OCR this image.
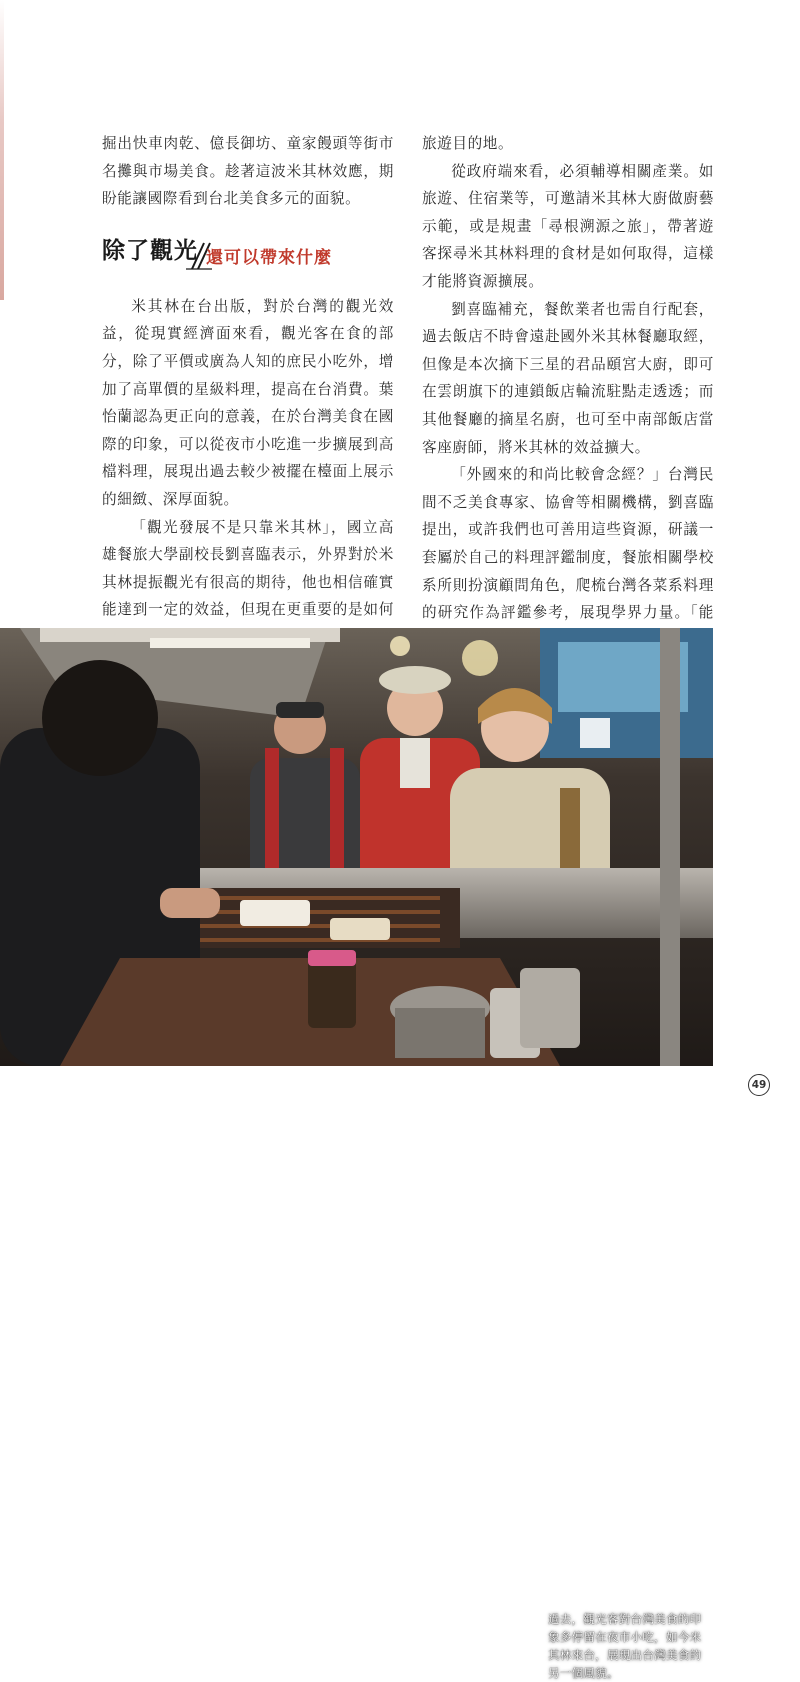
掘出快車肉乾、億長御坊、童家饅頭等街市名攤與市場美食。趁著這波米其林效應，期盼能讓國際看到台北美食多元的面貌。

除了觀光 還可以帶來什麼

米其林在台出版，對於台灣的觀光效益，從現實經濟面來看，觀光客在食的部分，除了平價或廣為人知的庶民小吃外，增加了高單價的星級料理，提高在台消費。葉怡蘭認為更正向的意義，在於台灣美食在國際的印象，可以從夜市小吃進一步擴展到高檔料理，展現出過去較少被擺在檯面上展示的細緻、深厚面貌。

「觀光發展不是只靠米其林」，國立高雄餐旅大學副校長劉喜臨表示，外界對於米其林提振觀光有很高的期待，他也相信確實能達到一定的效益，但現在更重要的是如何

旅遊目的地。

從政府端來看，必須輔導相關產業。如旅遊、住宿業等，可邀請米其林大廚做廚藝示範，或是規畫「尋根溯源之旅」，帶著遊客探尋米其林料理的食材是如何取得，這樣才能將資源擴展。

劉喜臨補充，餐飲業者也需自行配套，過去飯店不時會遠赴國外米其林餐廳取經，但像是本次摘下三星的君品頤宮大廚，即可在雲朗旗下的連鎖飯店輪流駐點走透透；而其他餐廳的摘星名廚，也可至中南部飯店當客座廚師，將米其林的效益擴大。

「外國來的和尚比較會念經？」台灣民間不乏美食專家、協會等相關機構，劉喜臨提出，或許我們也可善用這些資源，研議一套屬於自己的料理評鑑制度，餐旅相關學校系所則扮演顧問角色，爬梳台灣各菜系料理的研究作為評鑑參考，展現學界力量。「能

過去，觀光客對台灣美食的印象多停留在夜市小吃，如今米其林來台，展現出台灣美食的另一個風貌。
49
